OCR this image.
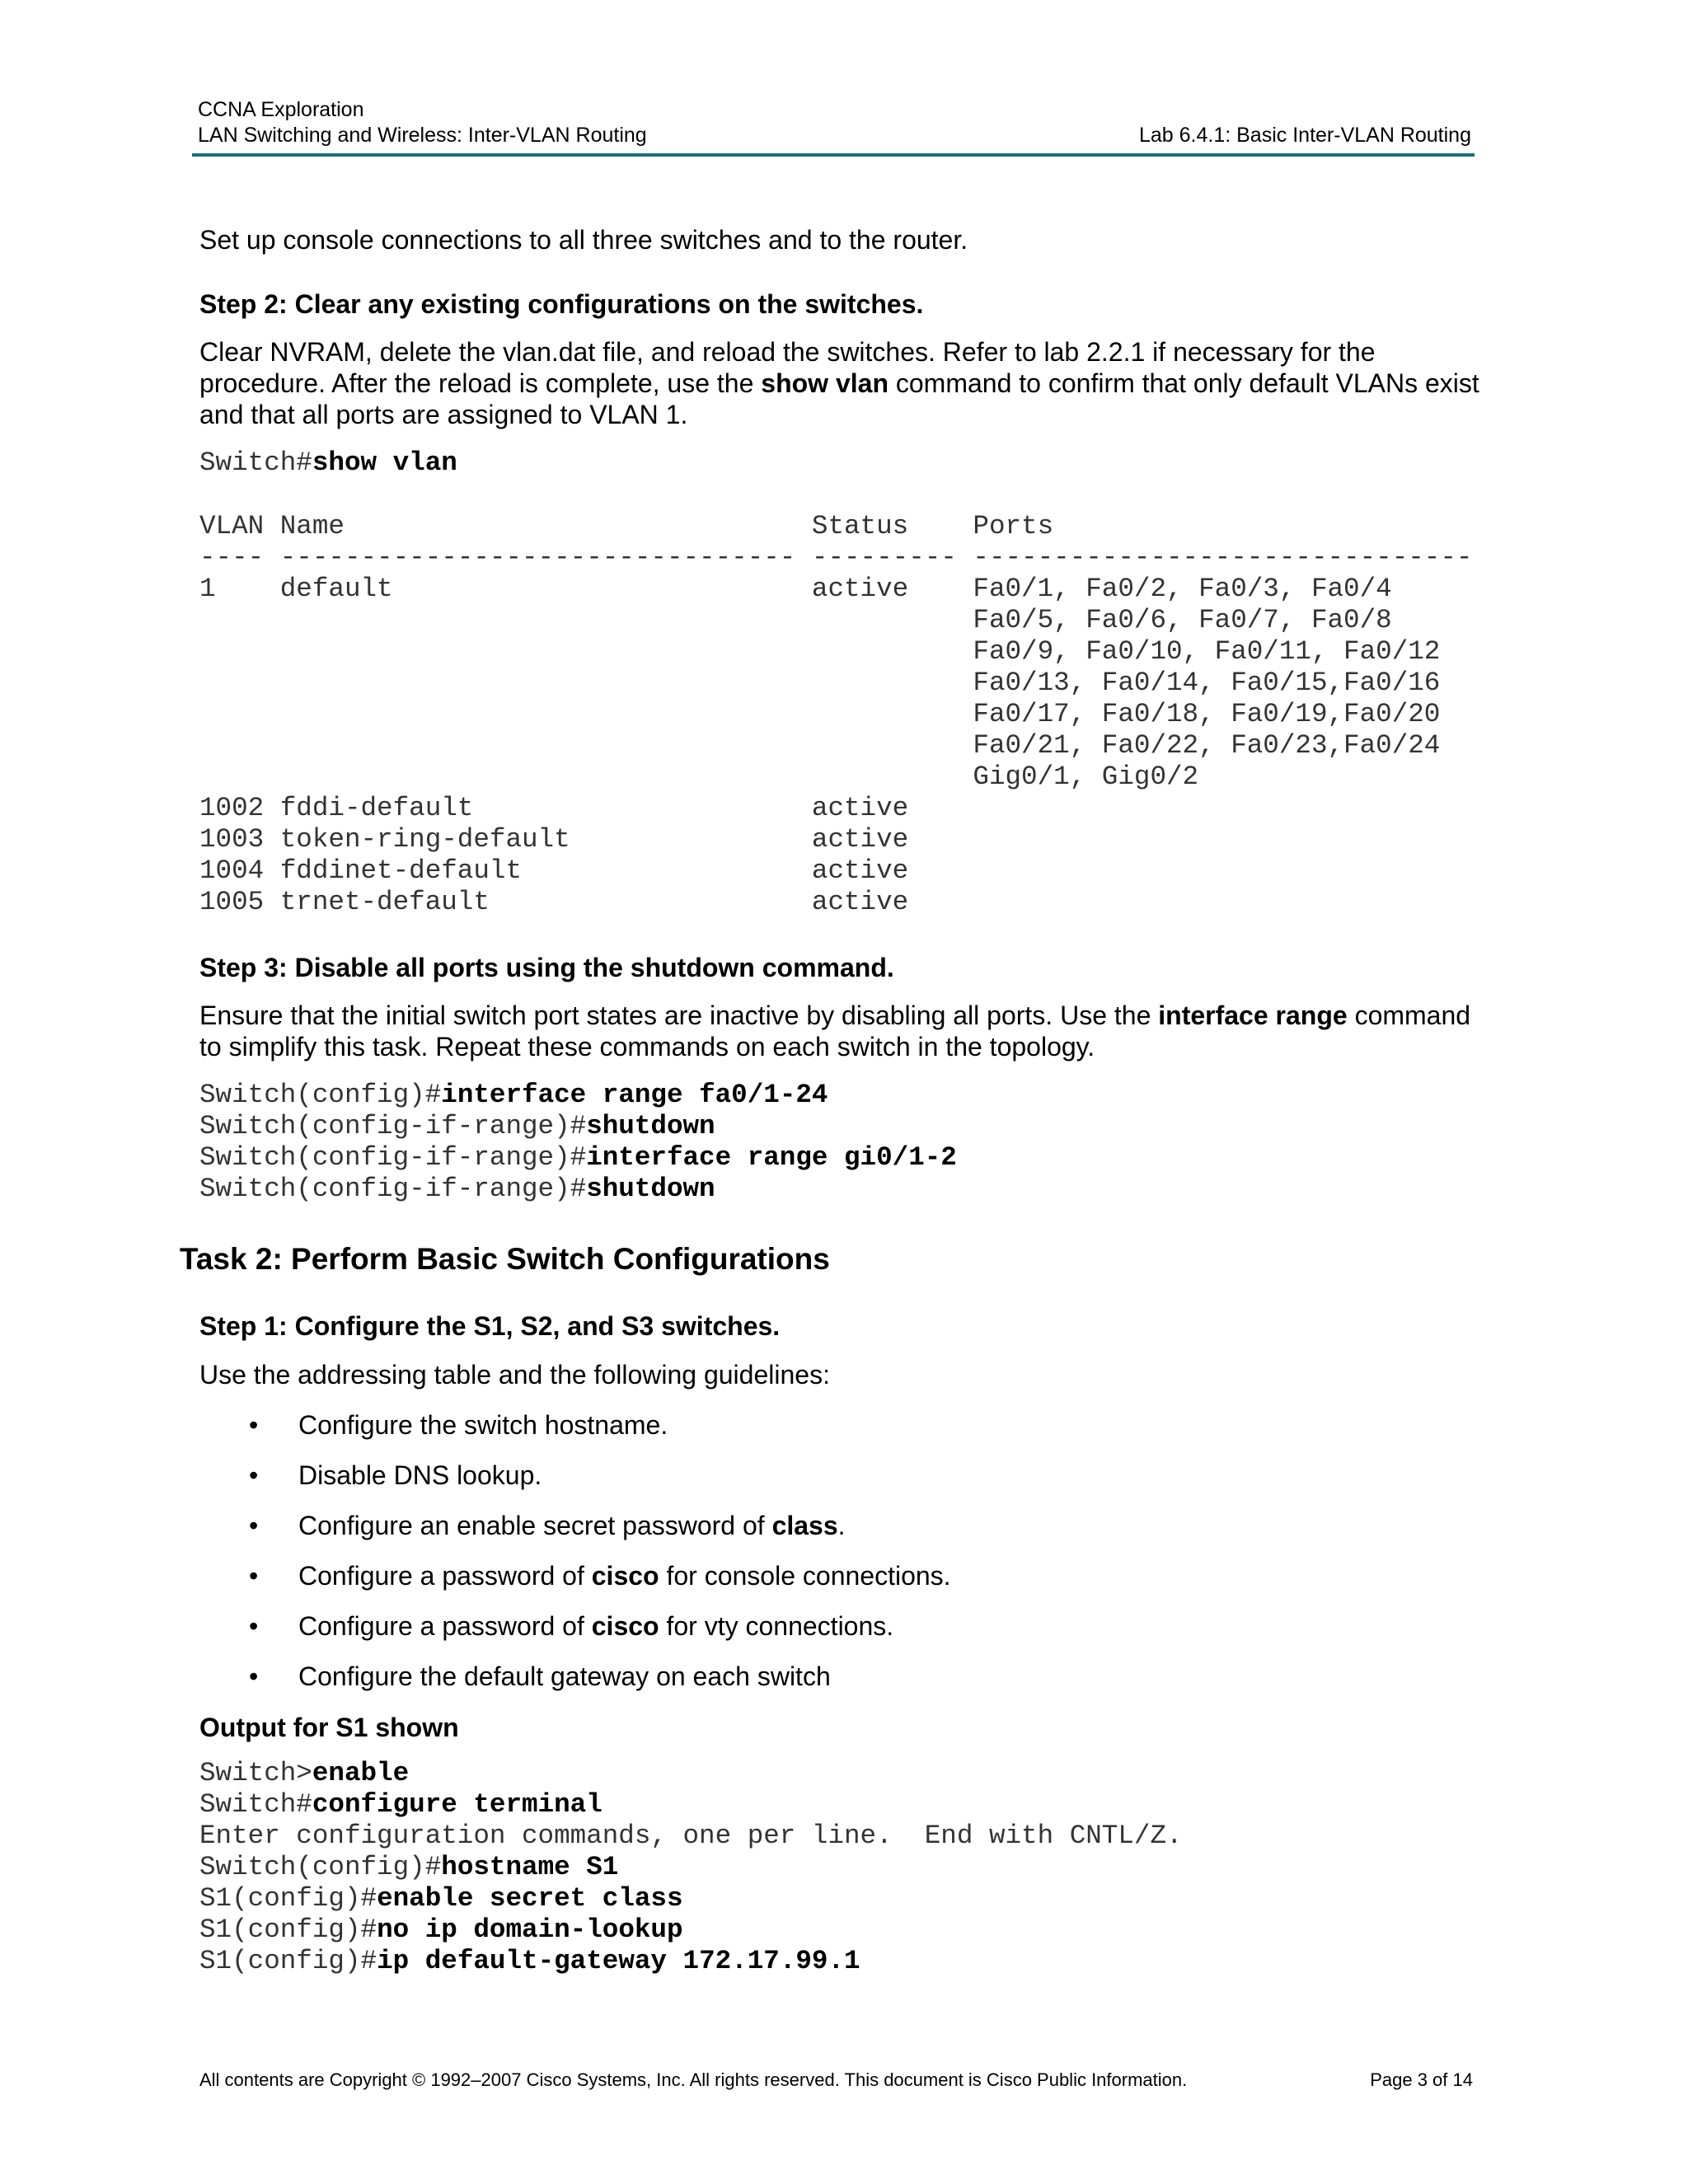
CCNA Exploration
LAN Switching and Wireless: Inter-VLAN Routing	Lab 6.4.1: Basic Inter-VLAN Routing
Set up console connections to all three switches and to the router.
Step 2: Clear any existing configurations on the switches.
Clear NVRAM, delete the vlan.dat file, and reload the switches. Refer to lab 2.2.1 if necessary for the procedure. After the reload is complete, use the show vlan command to confirm that only default VLANs exist and that all ports are assigned to VLAN 1.
Switch#show vlan
VLAN Name                             Status    Ports
---- -------------------------------- --------- -------------------------------
1    default                          active    Fa0/1, Fa0/2, Fa0/3, Fa0/4
Fa0/5, Fa0/6, Fa0/7, Fa0/8
Fa0/9, Fa0/10, Fa0/11, Fa0/12
Fa0/13, Fa0/14, Fa0/15,Fa0/16
Fa0/17, Fa0/18, Fa0/19,Fa0/20
Fa0/21, Fa0/22, Fa0/23,Fa0/24
Gig0/1, Gig0/2
1002 fddi-default                     active
1003 token-ring-default               active
1004 fddinet-default                  active
1005 trnet-default                    active
Step 3: Disable all ports using the shutdown command.
Ensure that the initial switch port states are inactive by disabling all ports. Use the interface range command to simplify this task. Repeat these commands on each switch in the topology.
Switch(config)#interface range fa0/1-24
Switch(config-if-range)#shutdown
Switch(config-if-range)#interface range gi0/1-2
Switch(config-if-range)#shutdown
Task 2: Perform Basic Switch Configurations
Step 1: Configure the S1, S2, and S3 switches.
Use the addressing table and the following guidelines:
• Configure the switch hostname.
• Disable DNS lookup.
• Configure an enable secret password of class.
• Configure a password of cisco for console connections.
• Configure a password of cisco for vty connections.
• Configure the default gateway on each switch
Output for S1 shown
Switch>enable
Switch#configure terminal
Enter configuration commands, one per line.  End with CNTL/Z.
Switch(config)#hostname S1
S1(config)#enable secret class
S1(config)#no ip domain-lookup
S1(config)#ip default-gateway 172.17.99.1
All contents are Copyright © 1992–2007 Cisco Systems, Inc. All rights reserved. This document is Cisco Public Information.	Page 3 of 14
